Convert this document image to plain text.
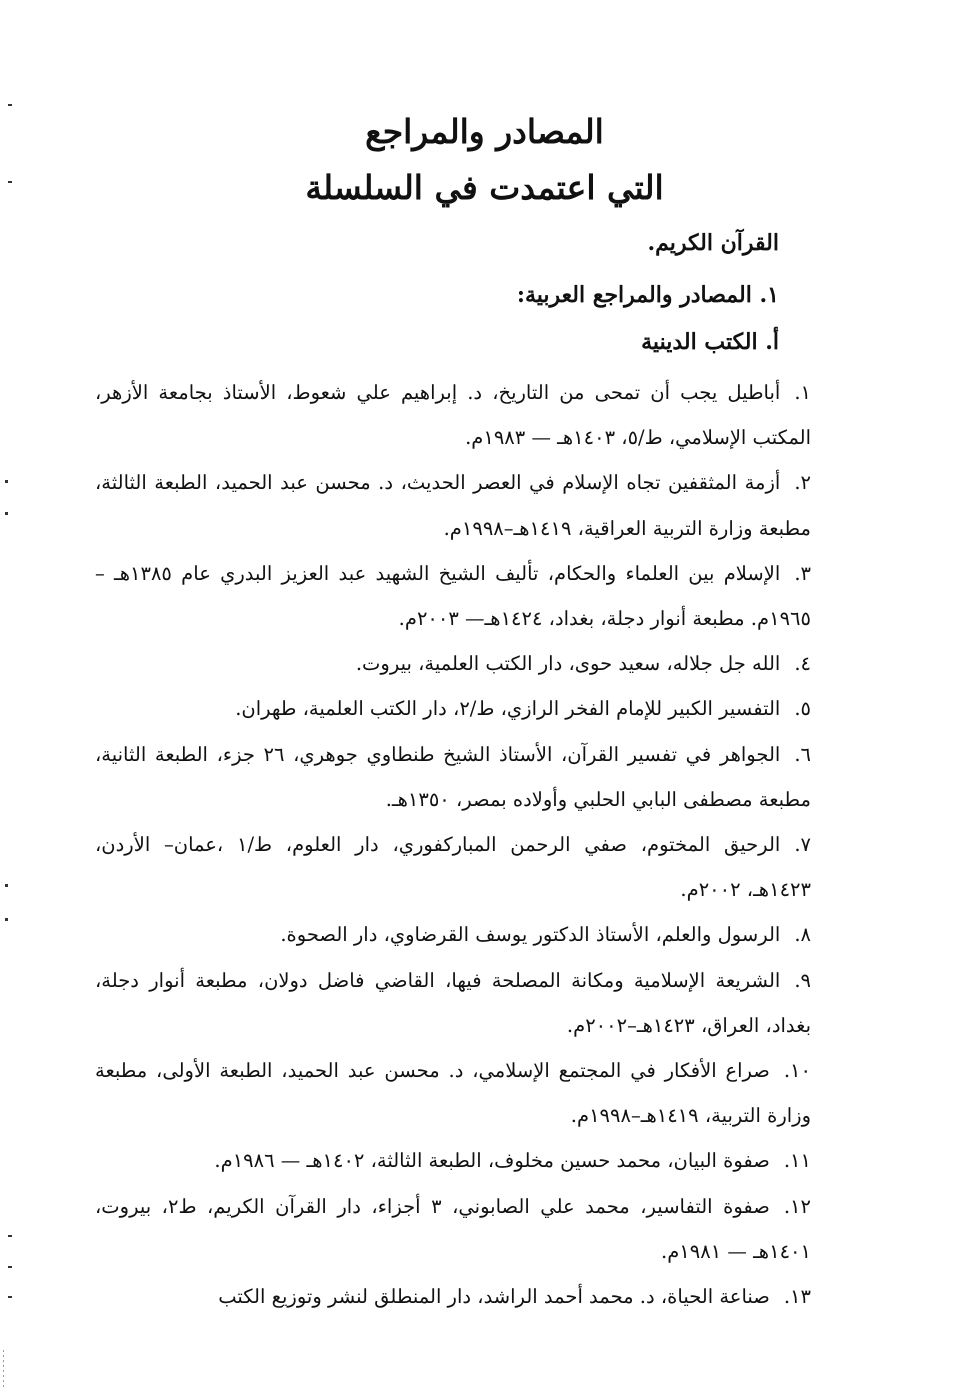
المصادر والمراجع
التي اعتمدت في السلسلة
القرآن الكريم.
١. المصادر والمراجع العربية:
أ. الكتب الدينية

١ .أباطيل يجب أن تمحى من التاريخ، د. إبراهيم علي شعوط، الأستاذ بجامعة الأزهر، المكتب الإسلامي، ط/٥، ١٤٠٣هـ — ١٩٨٣م.

٢ .أزمة المثقفين تجاه الإسلام في العصر الحديث، د. محسن عبد الحميد، الطبعة الثالثة، مطبعة وزارة التربية العراقية، ١٤١٩هـ–١٩٩٨م.

٣ .الإسلام بين العلماء والحكام، تأليف الشيخ الشهيد عبد العزيز البدري عام ١٣٨٥هـ –١٩٦٥م. مطبعة أنوار دجلة، بغداد، ١٤٢٤هـ— ٢٠٠٣م.

٤ .الله جل جلاله، سعيد حوى، دار الكتب العلمية، بيروت.

٥ .التفسير الكبير للإمام الفخر الرازي، ط/٢، دار الكتب العلمية، طهران.

٦ .الجواهر في تفسير القرآن، الأستاذ الشيخ طنطاوي جوهري، ٢٦ جزء، الطبعة الثانية، مطبعة مصطفى البابي الحلبي وأولاده بمصر، ١٣٥٠هـ.

٧ .الرحيق المختوم، صفي الرحمن المباركفوري، دار العلوم، ط/١ ،عمان– الأردن، ١٤٢٣هـ، ٢٠٠٢م.

٨ .الرسول والعلم، الأستاذ الدكتور يوسف القرضاوي، دار الصحوة.

٩ .الشريعة الإسلامية ومكانة المصلحة فيها، القاضي فاضل دولان، مطبعة أنوار دجلة، بغداد، العراق، ١٤٢٣هـ–٢٠٠٢م.

١٠ .صراع الأفكار في المجتمع الإسلامي، د. محسن عبد الحميد، الطبعة الأولى، مطبعة وزارة التربية، ١٤١٩هـ–١٩٩٨م.

١١ .صفوة البيان، محمد حسين مخلوف، الطبعة الثالثة، ١٤٠٢هـ — ١٩٨٦م.

١٢ .صفوة التفاسير، محمد علي الصابوني، ٣ أجزاء، دار القرآن الكريم، ط٢، بيروت، ١٤٠١هـ — ١٩٨١م.

١٣ .صناعة الحياة، د. محمد أحمد الراشد، دار المنطلق لنشر وتوزيع الكتب
